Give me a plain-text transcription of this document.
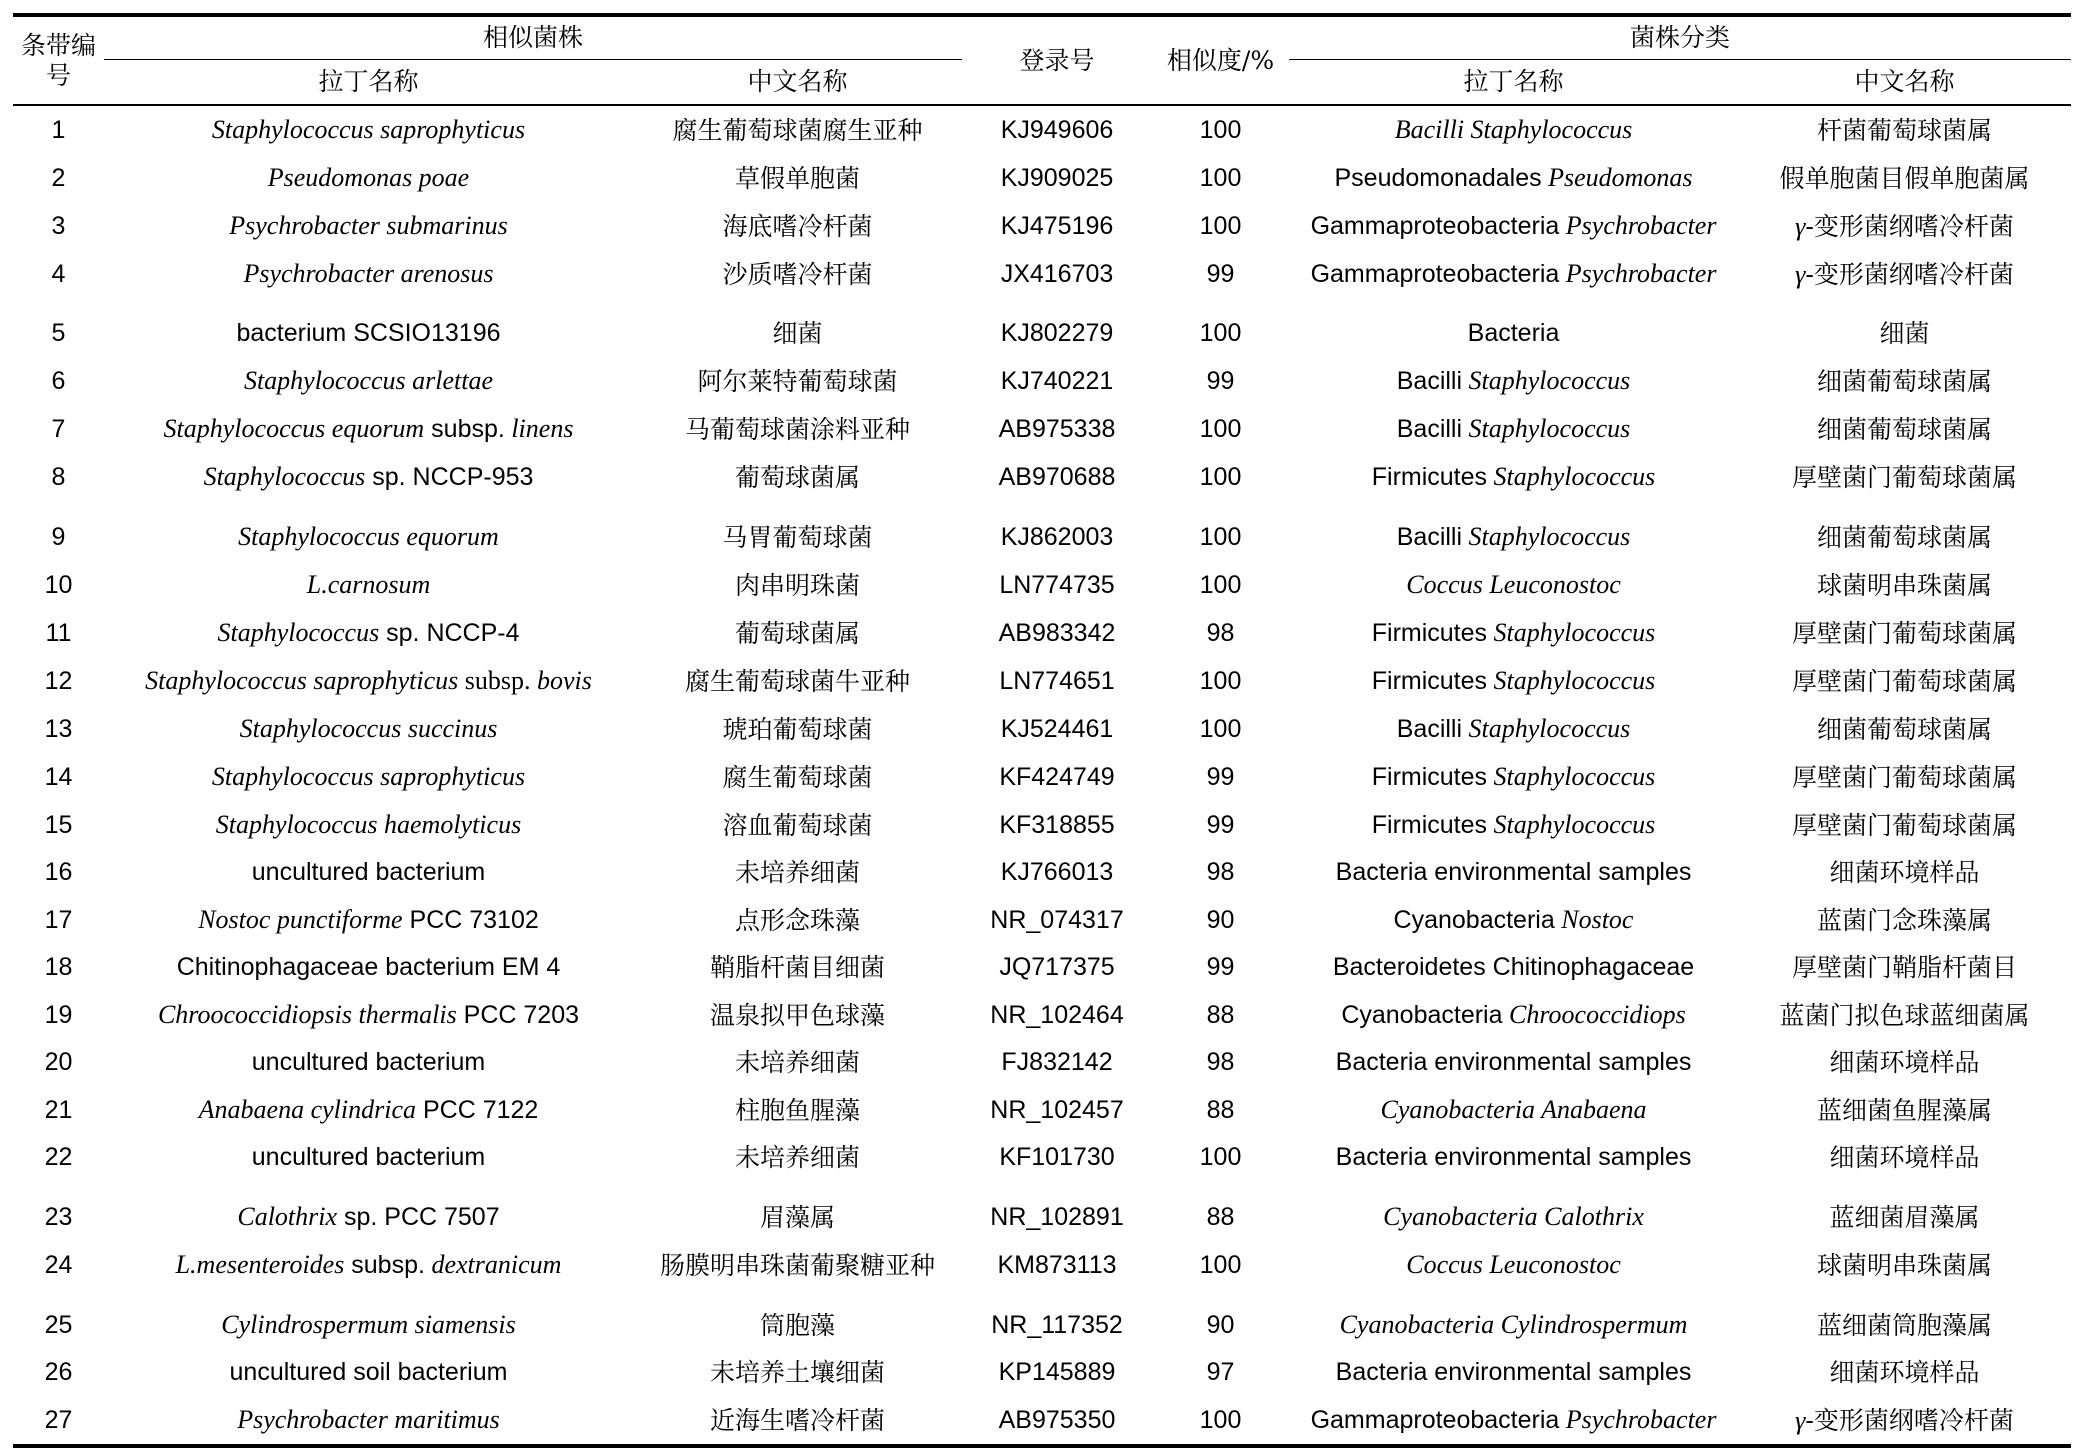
条带编号	相似菌株		登录号	相似度/%	菌株分类	
	拉丁名称	中文名称			拉丁名称	中文名称
1	Staphylococcus saprophyticus	腐生葡萄球菌腐生亚种	KJ949606	100	Bacilli Staphylococcus	杆菌葡萄球菌属
2	Pseudomonas poae	草假单胞菌	KJ909025	100	Pseudomonadales Pseudomonas	假单胞菌目假单胞菌属
3	Psychrobacter submarinus	海底嗜冷杆菌	KJ475196	100	Gammaproteobacteria Psychrobacter	γ-变形菌纲嗜冷杆菌
4	Psychrobacter arenosus	沙质嗜冷杆菌	JX416703	99	Gammaproteobacteria Psychrobacter	γ-变形菌纲嗜冷杆菌
5	bacterium SCSIO13196	细菌	KJ802279	100	Bacteria	细菌
6	Staphylococcus arlettae	阿尔莱特葡萄球菌	KJ740221	99	Bacilli Staphylococcus	细菌葡萄球菌属
7	Staphylococcus equorum subsp. linens	马葡萄球菌涂料亚种	AB975338	100	Bacilli Staphylococcus	细菌葡萄球菌属
8	Staphylococcus sp. NCCP-953	葡萄球菌属	AB970688	100	Firmicutes Staphylococcus	厚壁菌门葡萄球菌属
9	Staphylococcus equorum	马胃葡萄球菌	KJ862003	100	Bacilli Staphylococcus	细菌葡萄球菌属
10	L.carnosum	肉串明珠菌	LN774735	100	Coccus Leuconostoc	球菌明串珠菌属
11	Staphylococcus sp. NCCP-4	葡萄球菌属	AB983342	98	Firmicutes Staphylococcus	厚壁菌门葡萄球菌属
12	Staphylococcus saprophyticus subsp. bovis	腐生葡萄球菌牛亚种	LN774651	100	Firmicutes Staphylococcus	厚壁菌门葡萄球菌属
13	Staphylococcus succinus	琥珀葡萄球菌	KJ524461	100	Bacilli Staphylococcus	细菌葡萄球菌属
14	Staphylococcus saprophyticus	腐生葡萄球菌	KF424749	99	Firmicutes Staphylococcus	厚壁菌门葡萄球菌属
15	Staphylococcus haemolyticus	溶血葡萄球菌	KF318855	99	Firmicutes Staphylococcus	厚壁菌门葡萄球菌属
16	uncultured bacterium	未培养细菌	KJ766013	98	Bacteria environmental samples	细菌环境样品
17	Nostoc punctiforme PCC 73102	点形念珠藻	NR_074317	90	Cyanobacteria Nostoc	蓝菌门念珠藻属
18	Chitinophagaceae bacterium EM 4	鞘脂杆菌目细菌	JQ717375	99	Bacteroidetes Chitinophagaceae	厚壁菌门鞘脂杆菌目
19	Chroococcidiopsis thermalis PCC 7203	温泉拟甲色球藻	NR_102464	88	Cyanobacteria Chroococcidiops	蓝菌门拟色球蓝细菌属
20	uncultured bacterium	未培养细菌	FJ832142	98	Bacteria environmental samples	细菌环境样品
21	Anabaena cylindrica PCC 7122	柱胞鱼腥藻	NR_102457	88	Cyanobacteria Anabaena	蓝细菌鱼腥藻属
22	uncultured bacterium	未培养细菌	KF101730	100	Bacteria environmental samples	细菌环境样品
23	Calothrix sp. PCC 7507	眉藻属	NR_102891	88	Cyanobacteria Calothrix	蓝细菌眉藻属
24	L.mesenteroides subsp. dextranicum	肠膜明串珠菌葡聚糖亚种	KM873113	100	Coccus Leuconostoc	球菌明串珠菌属
25	Cylindrospermum siamensis	筒胞藻	NR_117352	90	Cyanobacteria Cylindrospermum	蓝细菌筒胞藻属
26	uncultured soil bacterium	未培养土壤细菌	KP145889	97	Bacteria environmental samples	细菌环境样品
27	Psychrobacter maritimus	近海生嗜冷杆菌	AB975350	100	Gammaproteobacteria Psychrobacter	γ-变形菌纲嗜冷杆菌
